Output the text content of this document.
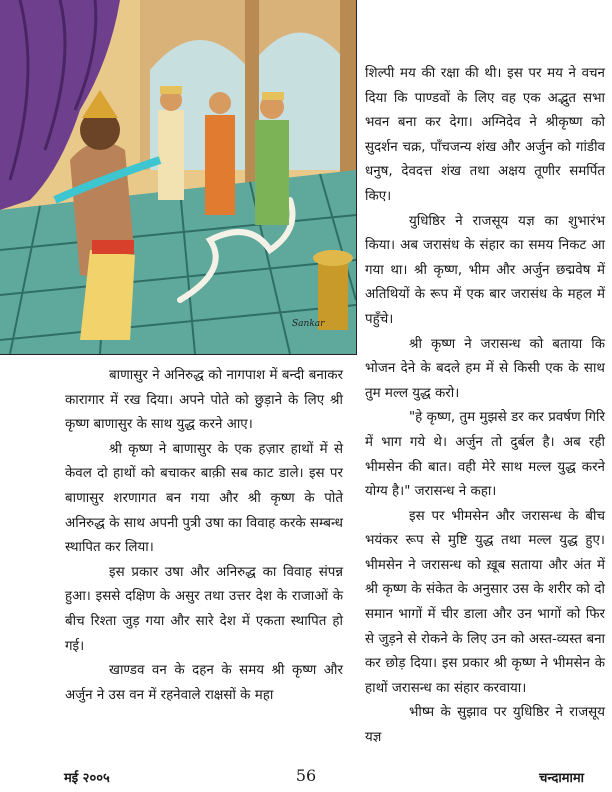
Sankar

बाणासुर ने अनिरुद्ध को नागपाश में बन्दी बनाकर कारागार में रख दिया। अपने पोते को छुड़ाने के लिए श्री कृष्ण बाणासुर के साथ युद्ध करने आए।

श्री कृष्ण ने बाणासुर के एक हज़ार हाथों में से केवल दो हाथों को बचाकर बाक़ी सब काट डाले। इस पर बाणासुर शरणागत बन गया और श्री कृष्ण के पोते अनिरुद्ध के साथ अपनी पुत्री उषा का विवाह करके सम्बन्ध स्थापित कर लिया।

इस प्रकार उषा और अनिरुद्ध का विवाह संपन्न हुआ। इससे दक्षिण के असुर तथा उत्तर देश के राजाओं के बीच रिश्ता जुड़ गया और सारे देश में एकता स्थापित हो गई।

खाण्डव वन के दहन के समय श्री कृष्ण और अर्जुन ने उस वन में रहनेवाले राक्षसों के महा

शिल्पी मय की रक्षा की थी। इस पर मय ने वचन दिया कि पाण्डवों के लिए वह एक अद्भुत सभा भवन बना कर देगा। अग्निदेव ने श्रीकृष्ण को सुदर्शन चक्र, पाँचजन्य शंख और अर्जुन को गांडीव धनुष, देवदत्त शंख तथा अक्षय तूणीर समर्पित किए।

युधिष्ठिर ने राजसूय यज्ञ का शुभारंभ किया। अब जरासंध के संहार का समय निकट आ गया था। श्री कृष्ण, भीम और अर्जुन छद्मवेष में अतिथियों के रूप में एक बार जरासंध के महल में पहुँचे।

श्री कृष्ण ने जरासन्ध को बताया कि भोजन देने के बदले हम में से किसी एक के साथ तुम मल्ल युद्ध करो।

"हे कृष्ण, तुम मुझसे डर कर प्रवर्षण गिरि में भाग गये थे। अर्जुन तो दुर्बल है। अब रही भीमसेन की बात। वही मेरे साथ मल्ल युद्ध करने योग्य है।" जरासन्ध ने कहा।

इस पर भीमसेन और जरासन्ध के बीच भयंकर रूप से मुष्टि युद्ध तथा मल्ल युद्ध हुए। भीमसेन ने जरासन्ध को ख़ूब सताया और अंत में श्री कृष्ण के संकेत के अनुसार उस के शरीर को दो समान भागों में चीर डाला और उन भागों को फिर से जुड़ने से रोकने के लिए उन को अस्त-व्यस्त बना कर छोड़ दिया। इस प्रकार श्री कृष्ण ने भीमसेन के हाथों जरासन्ध का संहार करवाया।

भीष्म के सुझाव पर युधिष्ठिर ने राजसूय यज्ञ

मई २००५	56	चन्दामामा
